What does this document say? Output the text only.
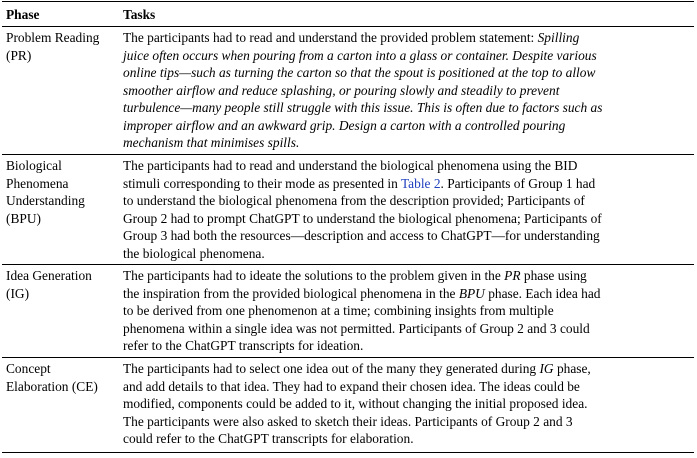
Phase	Tasks
Problem Reading
(PR)
The participants had to read and understand the provided problem statement: Spilling
juice often occurs when pouring from a carton into a glass or container. Despite various
online tips—such as turning the carton so that the spout is positioned at the top to allow
smoother airflow and reduce splashing, or pouring slowly and steadily to prevent
turbulence—many people still struggle with this issue. This is often due to factors such as
improper airflow and an awkward grip. Design a carton with a controlled pouring
mechanism that minimises spills.
Biological
Phenomena
Understanding
(BPU)
The participants had to read and understand the biological phenomena using the BID
stimuli corresponding to their mode as presented in Table 2. Participants of Group 1 had
to understand the biological phenomena from the description provided; Participants of
Group 2 had to prompt ChatGPT to understand the biological phenomena; Participants of
Group 3 had both the resources—description and access to ChatGPT—for understanding
the biological phenomena.
Idea Generation
(IG)
The participants had to ideate the solutions to the problem given in the PR phase using
the inspiration from the provided biological phenomena in the BPU phase. Each idea had
to be derived from one phenomenon at a time; combining insights from multiple
phenomena within a single idea was not permitted. Participants of Group 2 and 3 could
refer to the ChatGPT transcripts for ideation.
Concept
Elaboration (CE)
The participants had to select one idea out of the many they generated during IG phase,
and add details to that idea. They had to expand their chosen idea. The ideas could be
modified, components could be added to it, without changing the initial proposed idea.
The participants were also asked to sketch their ideas. Participants of Group 2 and 3
could refer to the ChatGPT transcripts for elaboration.
